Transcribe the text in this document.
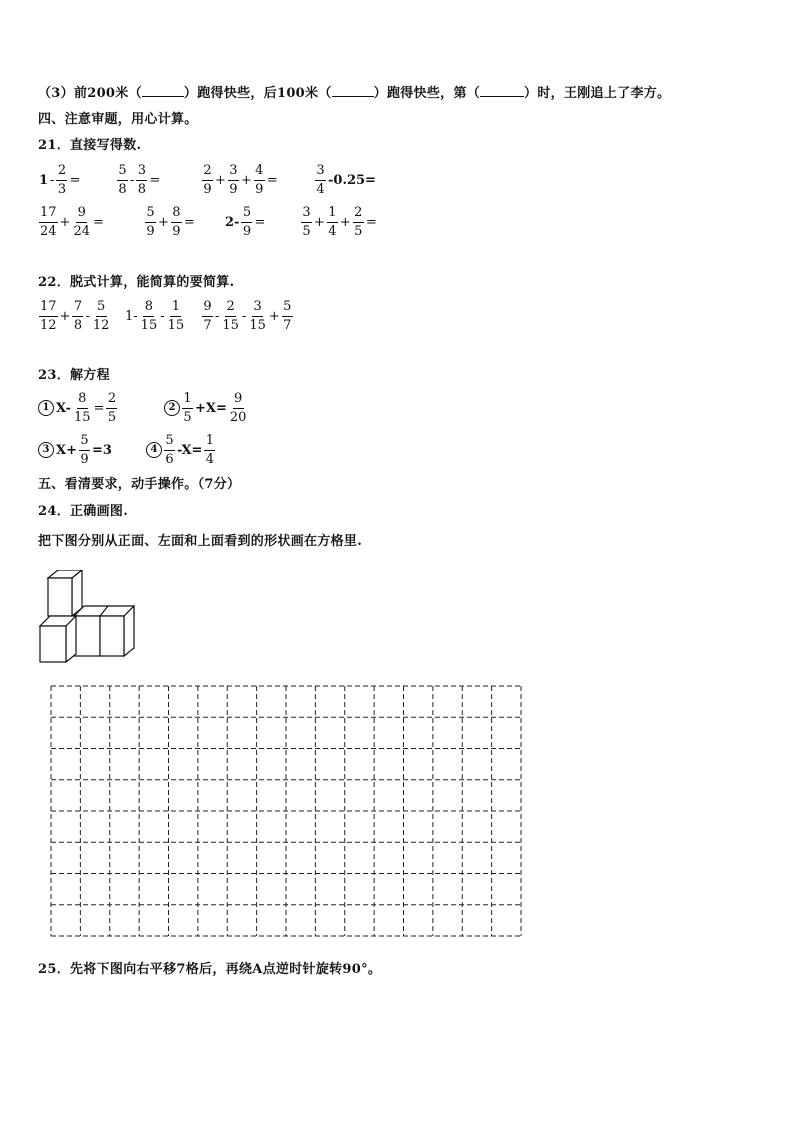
（3）前200米（	）跑得快些，后100米（	）跑得快些，第（	）时，王刚追上了李方。
四、注意审题，用心计算。
21．直接写得数.
$1 - \frac{2}{3}$ =	$\frac{5}{8} - \frac{3}{8}$ =	$\frac{2}{9} + \frac{3}{9} + \frac{4}{9}$ =	$\frac{3}{4} -0.25=$
$\frac{17}{24} + \frac{9}{24}$ =	$\frac{5}{9} + \frac{8}{9} = 2- \frac{5}{9}$ =	$\frac{3}{5} + \frac{1}{4} + \frac{2}{5}$ =
22．脱式计算，能简算的要简算.
$\frac{17}{12} + \frac{7}{8} - \frac{5}{12} 1- \frac{8}{15} - \frac{1}{15} \frac{9}{7} - \frac{2}{15} - \frac{3}{15} + \frac{5}{7}$
23．解方程
1 $X- \frac{8}{15} = \frac{2}{5}$	$2 \frac{1}{5} +X= \frac{9}{20}$
3 $X+ \frac{5}{9} =3$	$4 \frac{5}{6} -X= \frac{1}{4}$
五、看清要求，动手操作。（7分）
24．正确画图.
把下图分别从正面、左面和上面看到的形状画在方格里.
25．先将下图向右平移7格后，再绕A点逆时针旋转90°。
